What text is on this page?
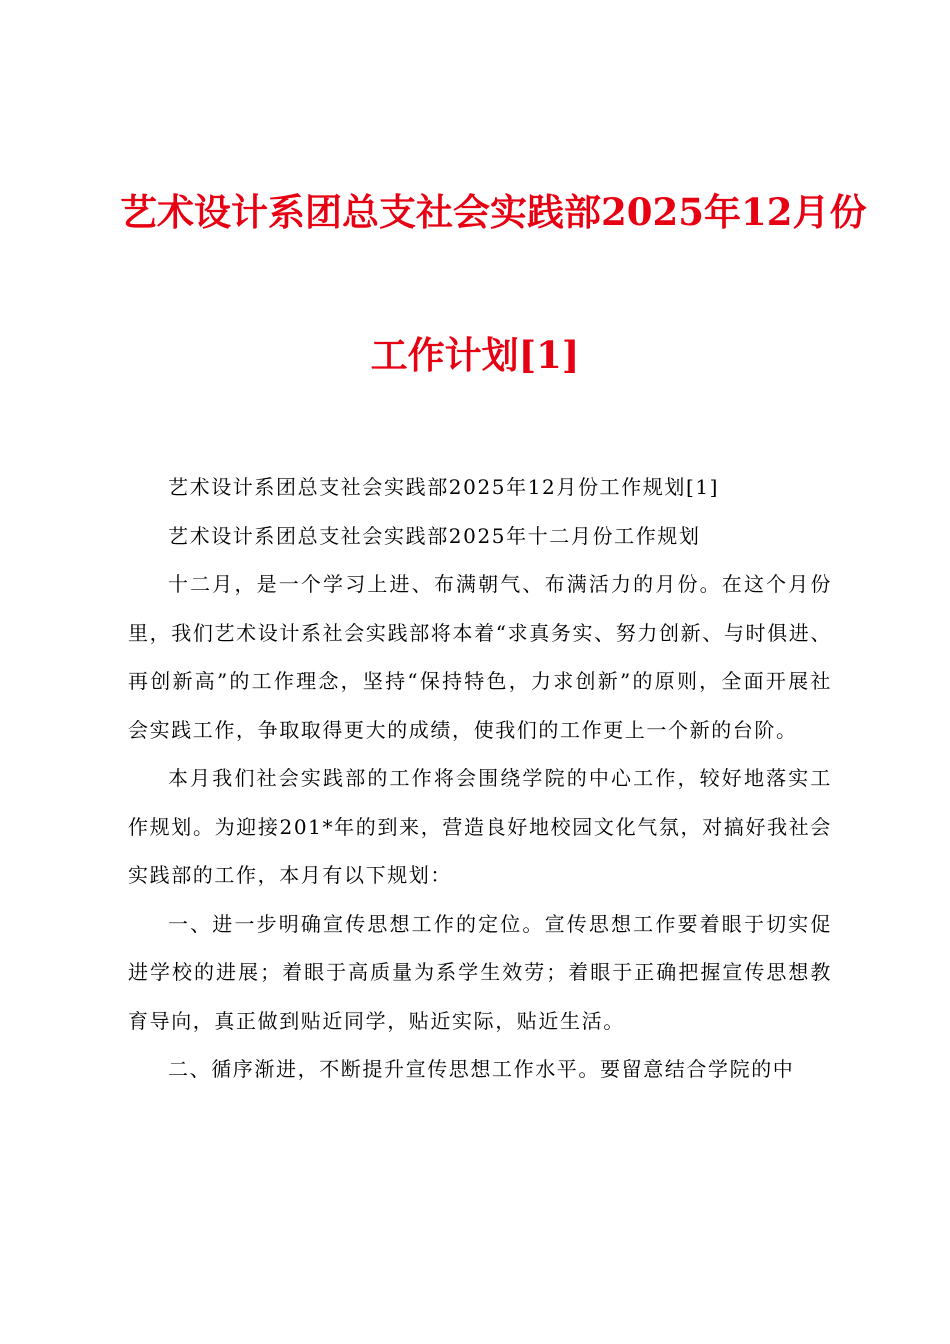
艺术设计系团总支社会实践部2025年12月份
工作计划[1]

艺术设计系团总支社会实践部2025年12月份工作规划[1]

艺术设计系团总支社会实践部2025年十二月份工作规划

十二月，是一个学习上进、布满朝气、布满活力的月份。在这个月份里，我们艺术设计系社会实践部将本着“求真务实、努力创新、与时俱进、再创新高”的工作理念，坚持“保持特色，力求创新”的原则，全面开展社会实践工作，争取取得更大的成绩，使我们的工作更上一个新的台阶。

本月我们社会实践部的工作将会围绕学院的中心工作，较好地落实工作规划。为迎接201*年的到来，营造良好地校园文化气氛，对搞好我社会实践部的工作，本月有以下规划：

一、进一步明确宣传思想工作的定位。宣传思想工作要着眼于切实促进学校的进展；着眼于高质量为系学生效劳；着眼于正确把握宣传思想教育导向，真正做到贴近同学，贴近实际，贴近生活。

二、循序渐进，不断提升宣传思想工作水平。要留意结合学院的中
